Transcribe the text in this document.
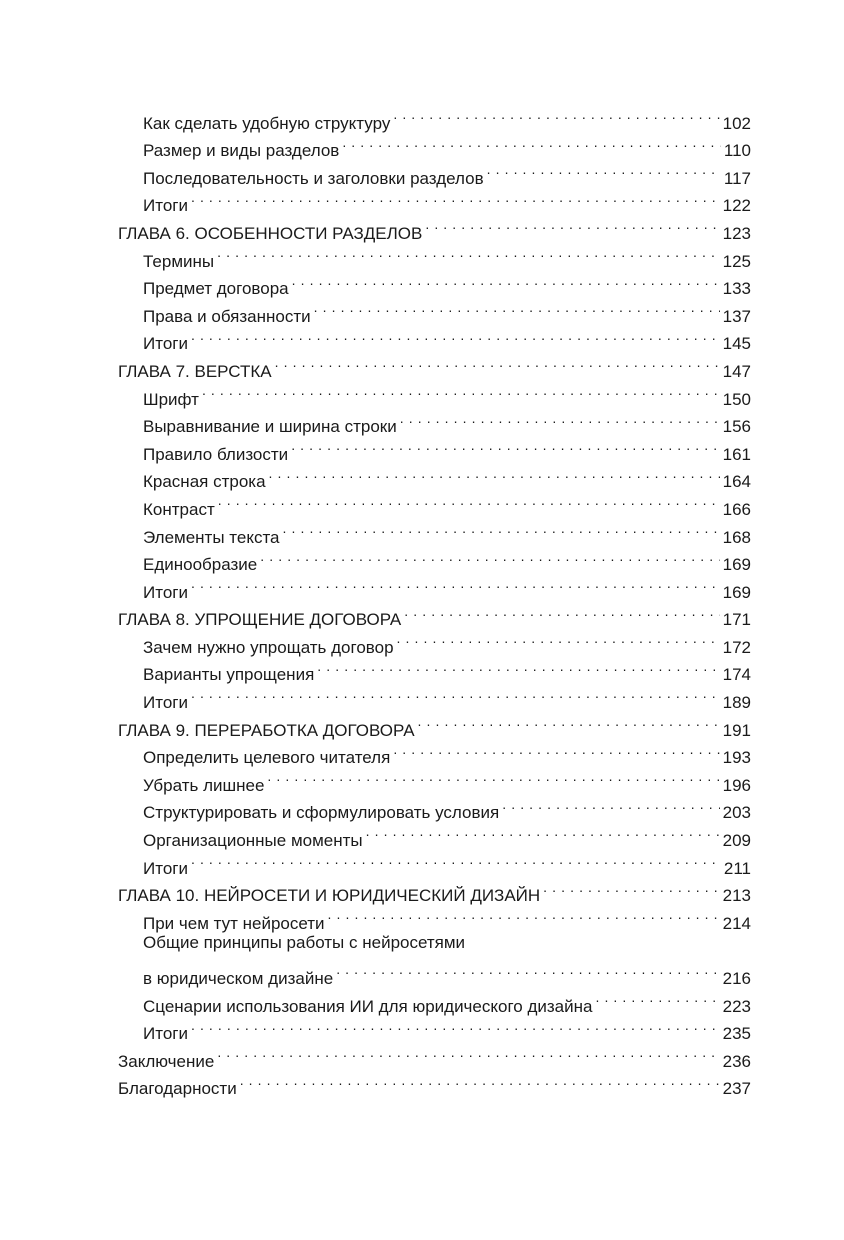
Как сделать удобную структуру . . .	102
Размер и виды разделов . . .	110
Последовательность и заголовки разделов . . .	117
Итоги . . .	122
ГЛАВА 6. ОСОБЕННОСТИ РАЗДЕЛОВ . . .	123
Термины . . .	125
Предмет договора . . .	133
Права и обязанности . . .	137
Итоги . . .	145
ГЛАВА 7. ВЕРСТКА . . .	147
Шрифт . . .	150
Выравнивание и ширина строки . . .	156
Правило близости . . .	161
Красная строка . . .	164
Контраст . . .	166
Элементы текста . . .	168
Единообразие . . .	169
Итоги . . .	169
ГЛАВА 8. УПРОЩЕНИЕ ДОГОВОРА . . .	171
Зачем нужно упрощать договор . . .	172
Варианты упрощения . . .	174
Итоги . . .	189
ГЛАВА 9. ПЕРЕРАБОТКА ДОГОВОРА . . .	191
Определить целевого читателя . . .	193
Убрать лишнее . . .	196
Структурировать и сформулировать условия . . .	203
Организационные моменты . . .	209
Итоги . . .	211
ГЛАВА 10. НЕЙРОСЕТИ И ЮРИДИЧЕСКИЙ ДИЗАЙН . . .	213
При чем тут нейросети . . .	214
Общие принципы работы с нейросетями
в юридическом дизайне . . .	216
Сценарии использования ИИ для юридического дизайна . . .	223
Итоги . . .	235
Заключение . . .	236
Благодарности . . .	237
